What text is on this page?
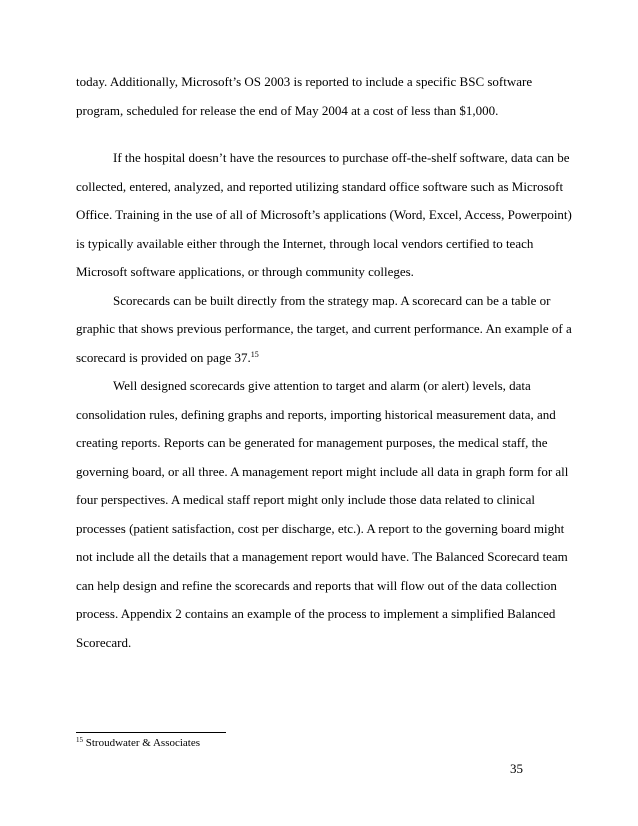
today. Additionally, Microsoft’s OS 2003 is reported to include a specific BSC software
program, scheduled for release the end of May 2004 at a cost of less than $1,000.
If the hospital doesn’t have the resources to purchase off-the-shelf software, data can be
collected, entered, analyzed, and reported utilizing standard office software such as Microsoft
Office. Training in the use of all of Microsoft’s applications (Word, Excel, Access, Powerpoint)
is typically available either through the Internet, through local vendors certified to teach
Microsoft software applications, or through community colleges.
Scorecards can be built directly from the strategy map. A scorecard can be a table or
graphic that shows previous performance, the target, and current performance. An example of a
scorecard is provided on page 37.15
Well designed scorecards give attention to target and alarm (or alert) levels, data
consolidation rules, defining graphs and reports, importing historical measurement data, and
creating reports. Reports can be generated for management purposes, the medical staff, the
governing board, or all three. A management report might include all data in graph form for all
four perspectives. A medical staff report might only include those data related to clinical
processes (patient satisfaction, cost per discharge, etc.). A report to the governing board might
not include all the details that a management report would have. The Balanced Scorecard team
can help design and refine the scorecards and reports that will flow out of the data collection
process. Appendix 2 contains an example of the process to implement a simplified Balanced
Scorecard.
$^{15}$ Stroudwater & Associates
35
